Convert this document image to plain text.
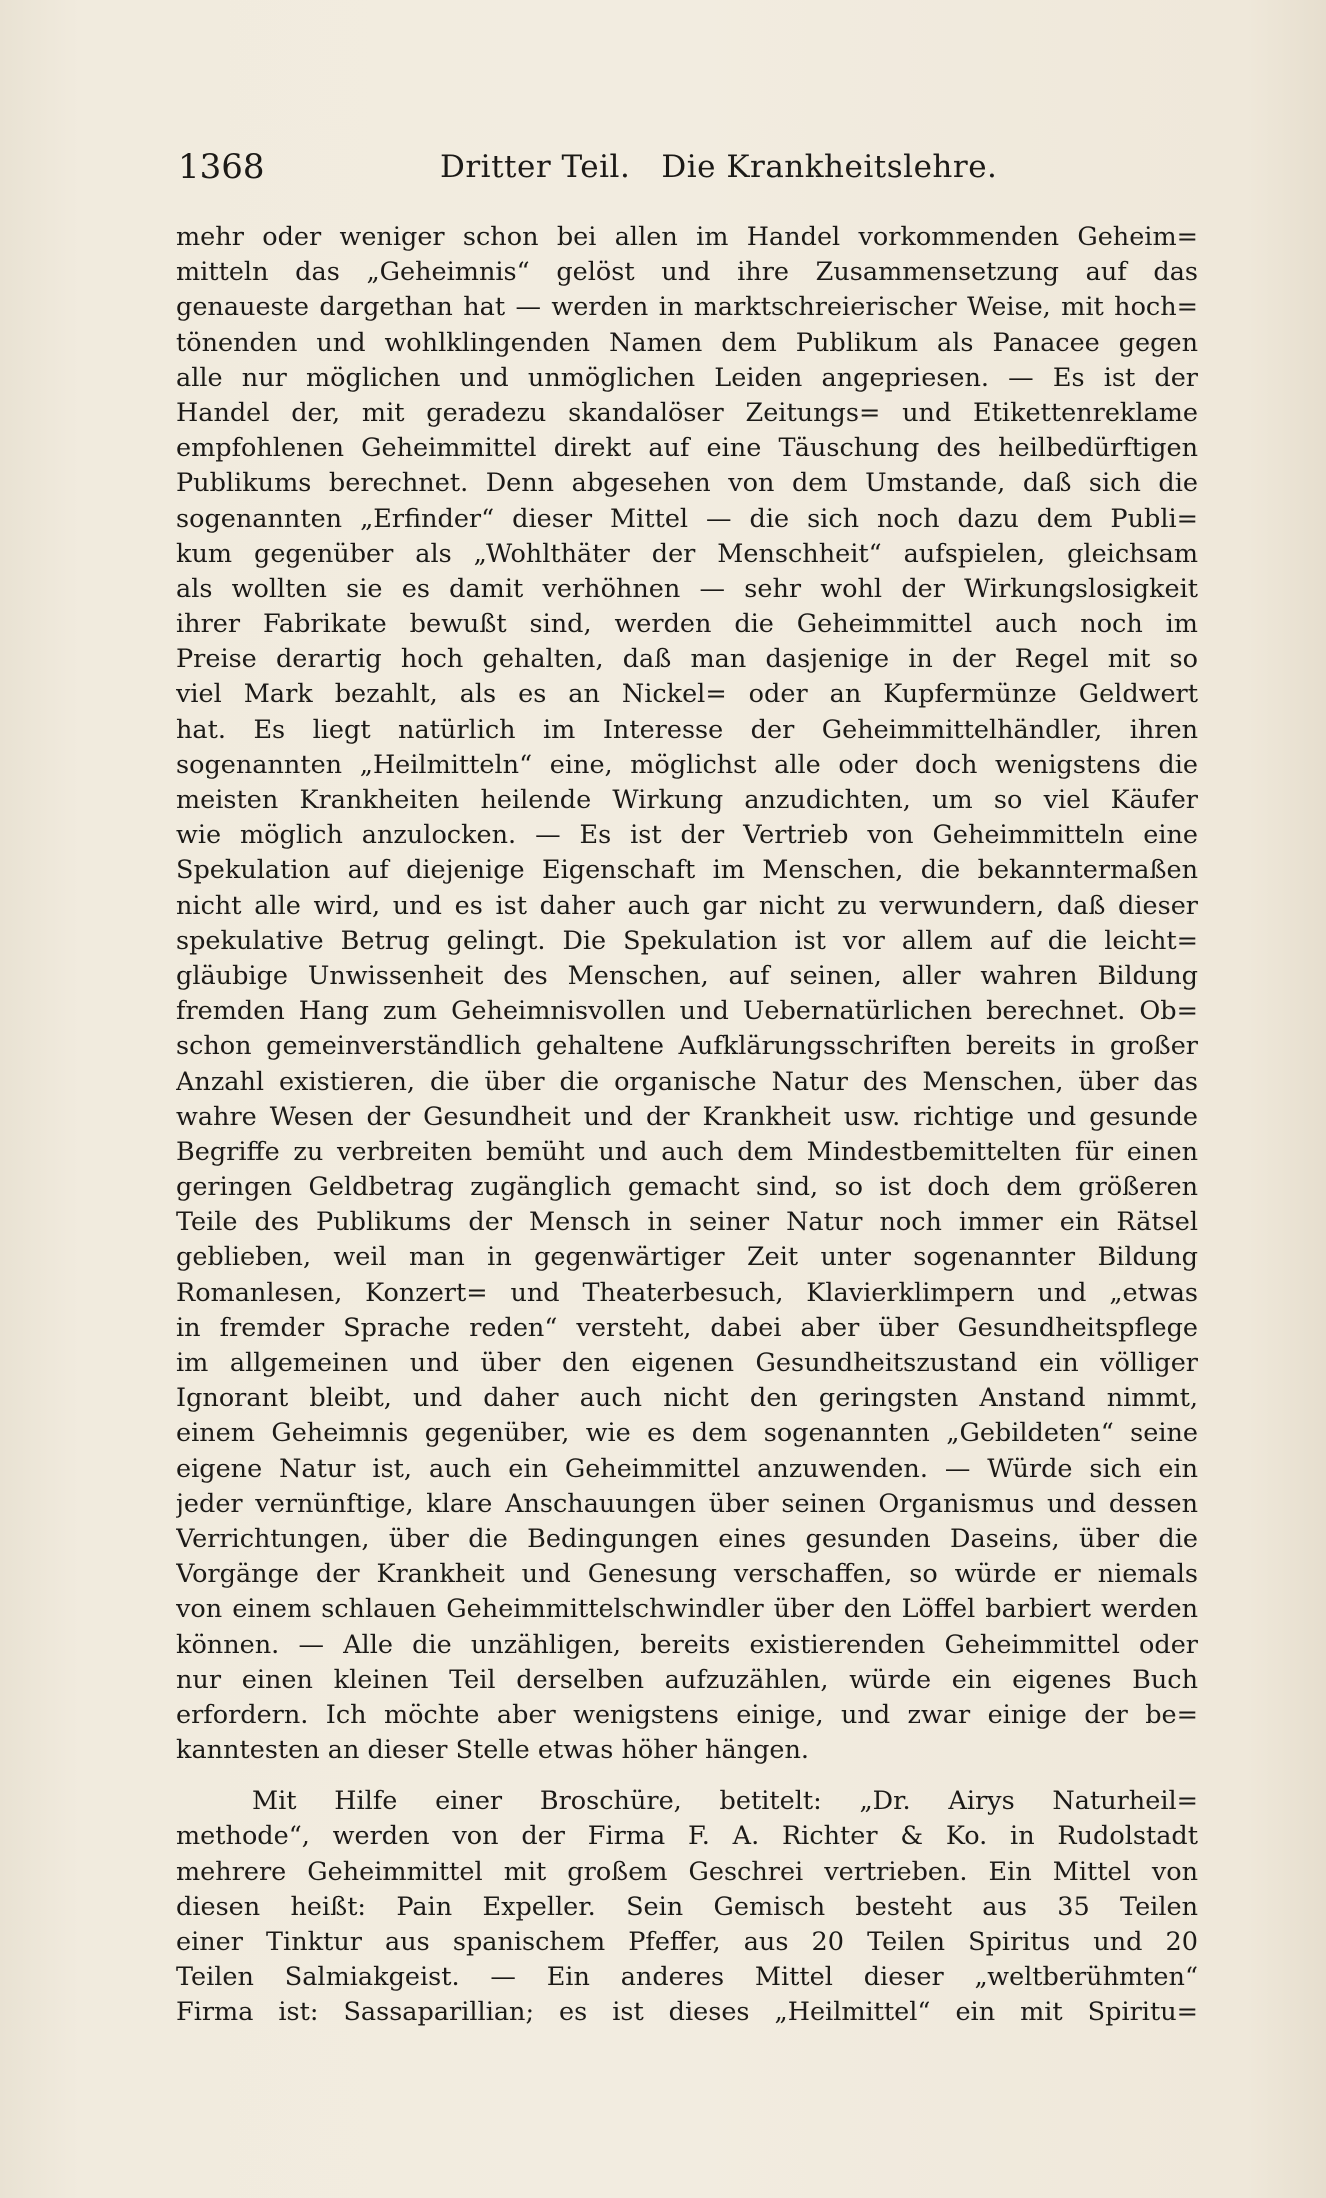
1368	Dritter Teil.   Die Krankheitslehre.
mehr oder weniger schon bei allen im Handel vorkommenden Geheim=
mitteln das „Geheimnis“ gelöst und ihre Zusammensetzung auf das
genaueste dargethan hat — werden in marktschreierischer Weise, mit hoch=
tönenden und wohlklingenden Namen dem Publikum als Panacee gegen
alle nur möglichen und unmöglichen Leiden angepriesen. — Es ist der
Handel der, mit geradezu skandalöser Zeitungs= und Etikettenreklame
empfohlenen Geheimmittel direkt auf eine Täuschung des heilbedürftigen
Publikums berechnet. Denn abgesehen von dem Umstande, daß sich die
sogenannten „Erfinder“ dieser Mittel — die sich noch dazu dem Publi=
kum gegenüber als „Wohlthäter der Menschheit“ aufspielen, gleichsam
als wollten sie es damit verhöhnen — sehr wohl der Wirkungslosigkeit
ihrer Fabrikate bewußt sind, werden die Geheimmittel auch noch im
Preise derartig hoch gehalten, daß man dasjenige in der Regel mit so
viel Mark bezahlt, als es an Nickel= oder an Kupfermünze Geldwert
hat. Es liegt natürlich im Interesse der Geheimmittelhändler, ihren
sogenannten „Heilmitteln“ eine, möglichst alle oder doch wenigstens die
meisten Krankheiten heilende Wirkung anzudichten, um so viel Käufer
wie möglich anzulocken. — Es ist der Vertrieb von Geheimmitteln eine
Spekulation auf diejenige Eigenschaft im Menschen, die bekanntermaßen
nicht alle wird, und es ist daher auch gar nicht zu verwundern, daß dieser
spekulative Betrug gelingt. Die Spekulation ist vor allem auf die leicht=
gläubige Unwissenheit des Menschen, auf seinen, aller wahren Bildung
fremden Hang zum Geheimnisvollen und Uebernatürlichen berechnet. Ob=
schon gemeinverständlich gehaltene Aufklärungsschriften bereits in großer
Anzahl existieren, die über die organische Natur des Menschen, über das
wahre Wesen der Gesundheit und der Krankheit usw. richtige und gesunde
Begriffe zu verbreiten bemüht und auch dem Mindestbemittelten für einen
geringen Geldbetrag zugänglich gemacht sind, so ist doch dem größeren
Teile des Publikums der Mensch in seiner Natur noch immer ein Rätsel
geblieben, weil man in gegenwärtiger Zeit unter sogenannter Bildung
Romanlesen, Konzert= und Theaterbesuch, Klavierklimpern und „etwas
in fremder Sprache reden“ versteht, dabei aber über Gesundheitspflege
im allgemeinen und über den eigenen Gesundheitszustand ein völliger
Ignorant bleibt, und daher auch nicht den geringsten Anstand nimmt,
einem Geheimnis gegenüber, wie es dem sogenannten „Gebildeten“ seine
eigene Natur ist, auch ein Geheimmittel anzuwenden. — Würde sich ein
jeder vernünftige, klare Anschauungen über seinen Organismus und dessen
Verrichtungen, über die Bedingungen eines gesunden Daseins, über die
Vorgänge der Krankheit und Genesung verschaffen, so würde er niemals
von einem schlauen Geheimmittelschwindler über den Löffel barbiert werden
können. — Alle die unzähligen, bereits existierenden Geheimmittel oder
nur einen kleinen Teil derselben aufzuzählen, würde ein eigenes Buch
erfordern. Ich möchte aber wenigstens einige, und zwar einige der be=
kanntesten an dieser Stelle etwas höher hängen.
Mit Hilfe einer Broschüre, betitelt: „Dr. Airys Naturheil=
methode“, werden von der Firma F. A. Richter & Ko. in Rudolstadt
mehrere Geheimmittel mit großem Geschrei vertrieben. Ein Mittel von
diesen heißt: Pain Expeller. Sein Gemisch besteht aus 35 Teilen
einer Tinktur aus spanischem Pfeffer, aus 20 Teilen Spiritus und 20
Teilen Salmiakgeist. — Ein anderes Mittel dieser „weltberühmten“
Firma ist: Sassaparillian; es ist dieses „Heilmittel“ ein mit Spiritu=
